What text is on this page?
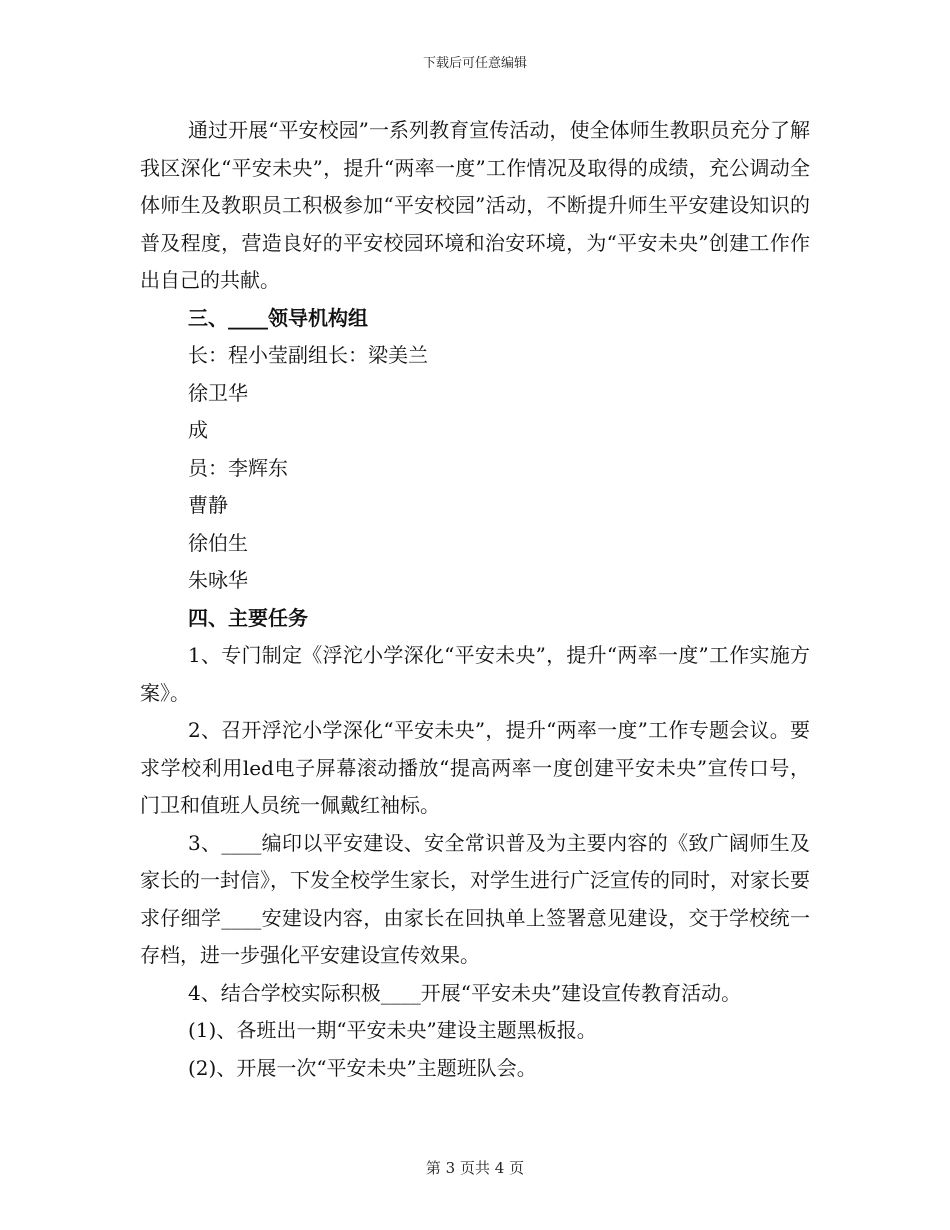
下载后可任意编辑

通过开展“平安校园”一系列教育宣传活动，使全体师生教职员充分了解我区深化“平安未央”，提升“两率一度”工作情况及取得的成绩，充公调动全体师生及教职员工积极参加“平安校园”活动，不断提升师生平安建设知识的普及程度，营造良好的平安校园环境和治安环境，为“平安未央”创建工作作出自己的共献。

三、____领导机构组

长：程小莹副组长：梁美兰

徐卫华

成

员：李辉东

曹静

徐伯生

朱咏华

四、主要任务

1、专门制定《浮沱小学深化“平安未央”，提升“两率一度”工作实施方案》。

2、召开浮沱小学深化“平安未央”，提升“两率一度”工作专题会议。要求学校利用led电子屏幕滚动播放“提高两率一度创建平安未央”宣传口号，门卫和值班人员统一佩戴红袖标。

3、____编印以平安建设、安全常识普及为主要内容的《致广阔师生及家长的一封信》，下发全校学生家长，对学生进行广泛宣传的同时，对家长要求仔细学____安建设内容，由家长在回执单上签署意见建设，交于学校统一存档，进一步强化平安建设宣传效果。

4、结合学校实际积极____开展“平安未央”建设宣传教育活动。

(1)、各班出一期“平安未央”建设主题黑板报。

(2)、开展一次“平安未央”主题班队会。

第 3 页共 4 页
